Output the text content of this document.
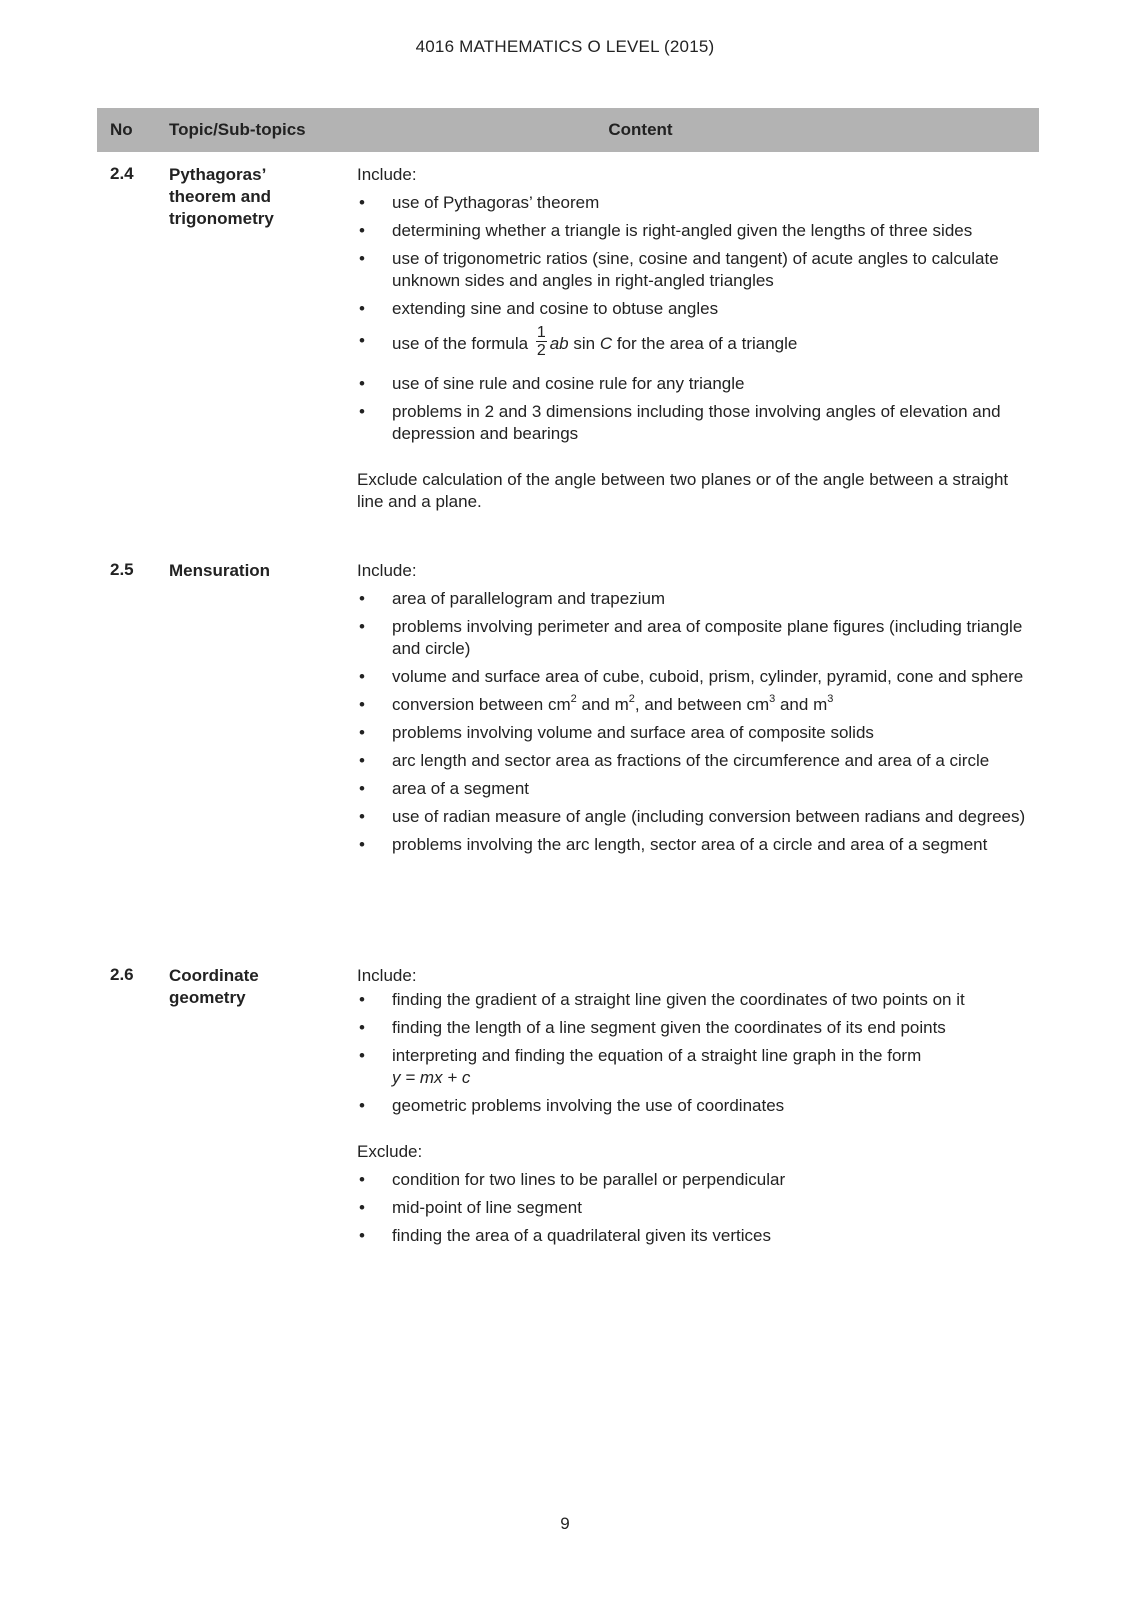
4016 MATHEMATICS O LEVEL (2015)
Content
No Topic/Sub-topics
2.4 Pythagoras’ theorem and trigonometry

Include:

• use of Pythagoras’ theorem
• determining whether a triangle is right-angled given the lengths of three sides
• use of trigonometric ratios (sine, cosine and tangent) of acute angles to calculate unknown sides and angles in right-angled triangles
• extending sine and cosine to obtuse angles
• use of the formula $\frac{1}{2}$ ab sin C for the area of a triangle
• use of sine rule and cosine rule for any triangle
• problems in 2 and 3 dimensions including those involving angles of elevation and depression and bearings

Exclude calculation of the angle between two planes or of the angle between a straight line and a plane.

2.5 Mensuration	Include:

• area of parallelogram and trapezium
• problems involving perimeter and area of composite plane figures (including triangle and circle)
• volume and surface area of cube, cuboid, prism, cylinder, pyramid, cone and sphere
• conversion between $cm^2$ and $m^2$, and between $cm^3$ and $m^3$
• problems involving volume and surface area of composite solids
• arc length and sector area as fractions of the circumference and area of a circle
• area of a segment
• use of radian measure of angle (including conversion between radians and degrees)
• problems involving the arc length, sector area of a circle and area of a segment
2.6 Coordinate geometry

Include:

• finding the gradient of a straight line given the coordinates of two points on it
• finding the length of a line segment given the coordinates of its end points
• interpreting and finding the equation of a straight line graph in the form
y = mx + c
• geometric problems involving the use of coordinates

Exclude:

• condition for two lines to be parallel or perpendicular
• mid-point of line segment
• finding the area of a quadrilateral given its vertices
9
